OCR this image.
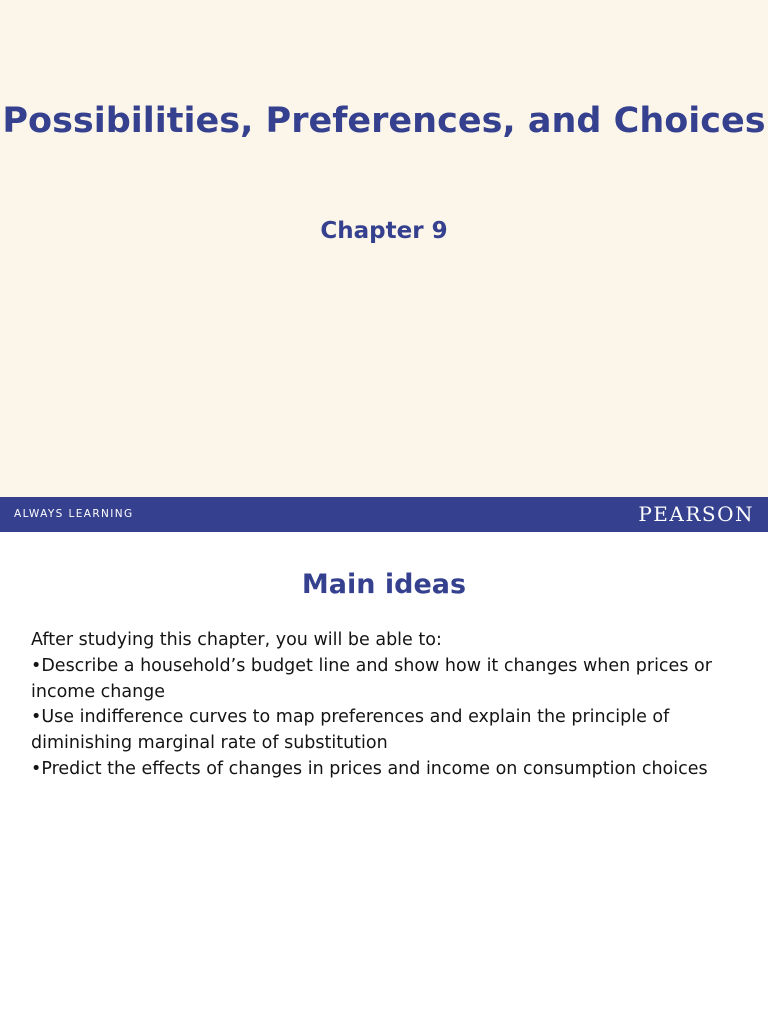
Possibilities, Preferences, and Choices
Chapter 9
ALWAYS LEARNING	PEARSON
Main ideas

After studying this chapter, you will be able to:

•Describe a household’s budget line and show how it changes when prices or income change

•Use indifference curves to map preferences and explain the principle of diminishing marginal rate of substitution

•Predict the effects of changes in prices and income on consumption choices
